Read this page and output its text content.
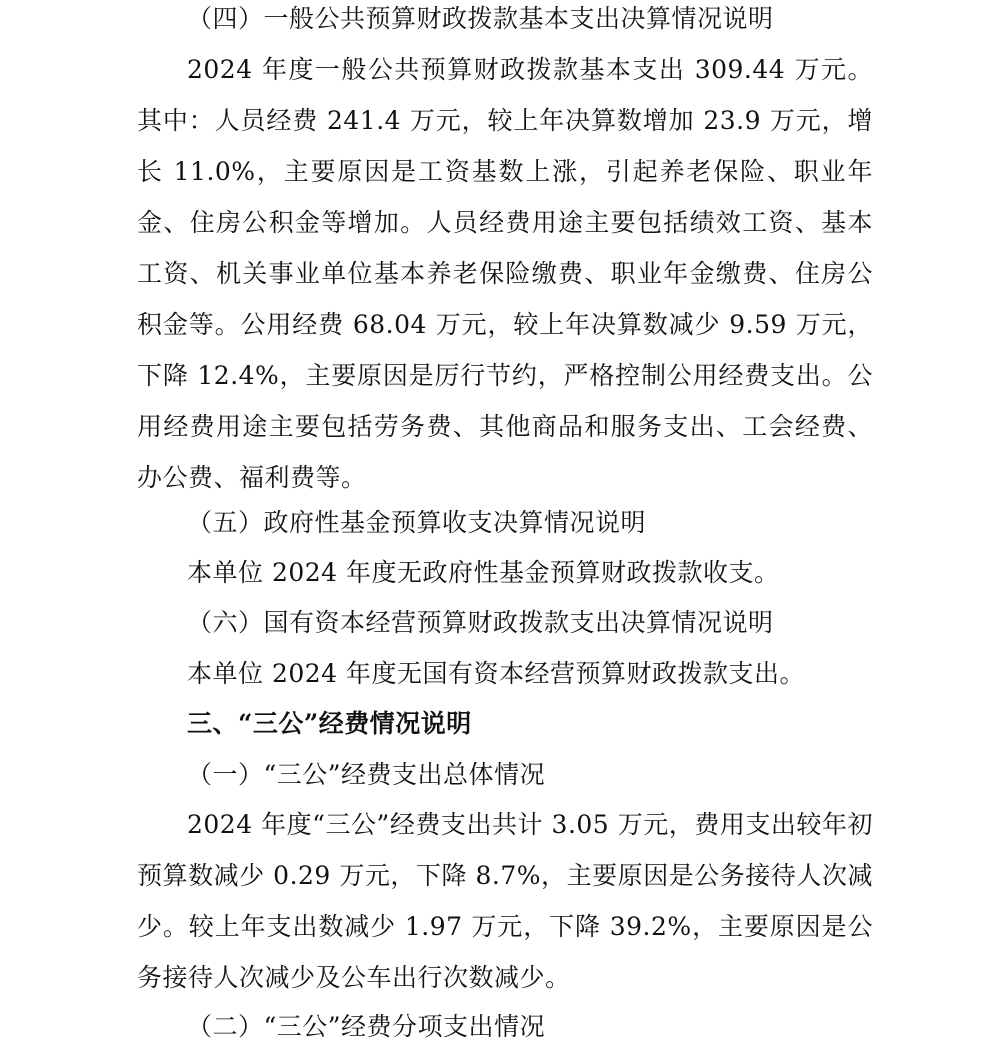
（四）一般公共预算财政拨款基本支出决算情况说明

2024 年度一般公共预算财政拨款基本支出 309.44 万元。其中：人员经费 241.4 万元，较上年决算数增加 23.9 万元，增长 11.0%，主要原因是工资基数上涨，引起养老保险、职业年金、住房公积金等增加。人员经费用途主要包括绩效工资、基本工资、机关事业单位基本养老保险缴费、职业年金缴费、住房公积金等。公用经费 68.04 万元，较上年决算数减少 9.59 万元，下降 12.4%，主要原因是厉行节约，严格控制公用经费支出。公用经费用途主要包括劳务费、其他商品和服务支出、工会经费、办公费、福利费等。

（五）政府性基金预算收支决算情况说明

本单位 2024 年度无政府性基金预算财政拨款收支。

（六）国有资本经营预算财政拨款支出决算情况说明

本单位 2024 年度无国有资本经营预算财政拨款支出。

三、“三公”经费情况说明

（一）“三公”经费支出总体情况

2024 年度“三公”经费支出共计 3.05 万元，费用支出较年初预算数减少 0.29 万元，下降 8.7%，主要原因是公务接待人次减少。较上年支出数减少 1.97 万元，下降 39.2%，主要原因是公务接待人次减少及公车出行次数减少。

（二）“三公”经费分项支出情况
